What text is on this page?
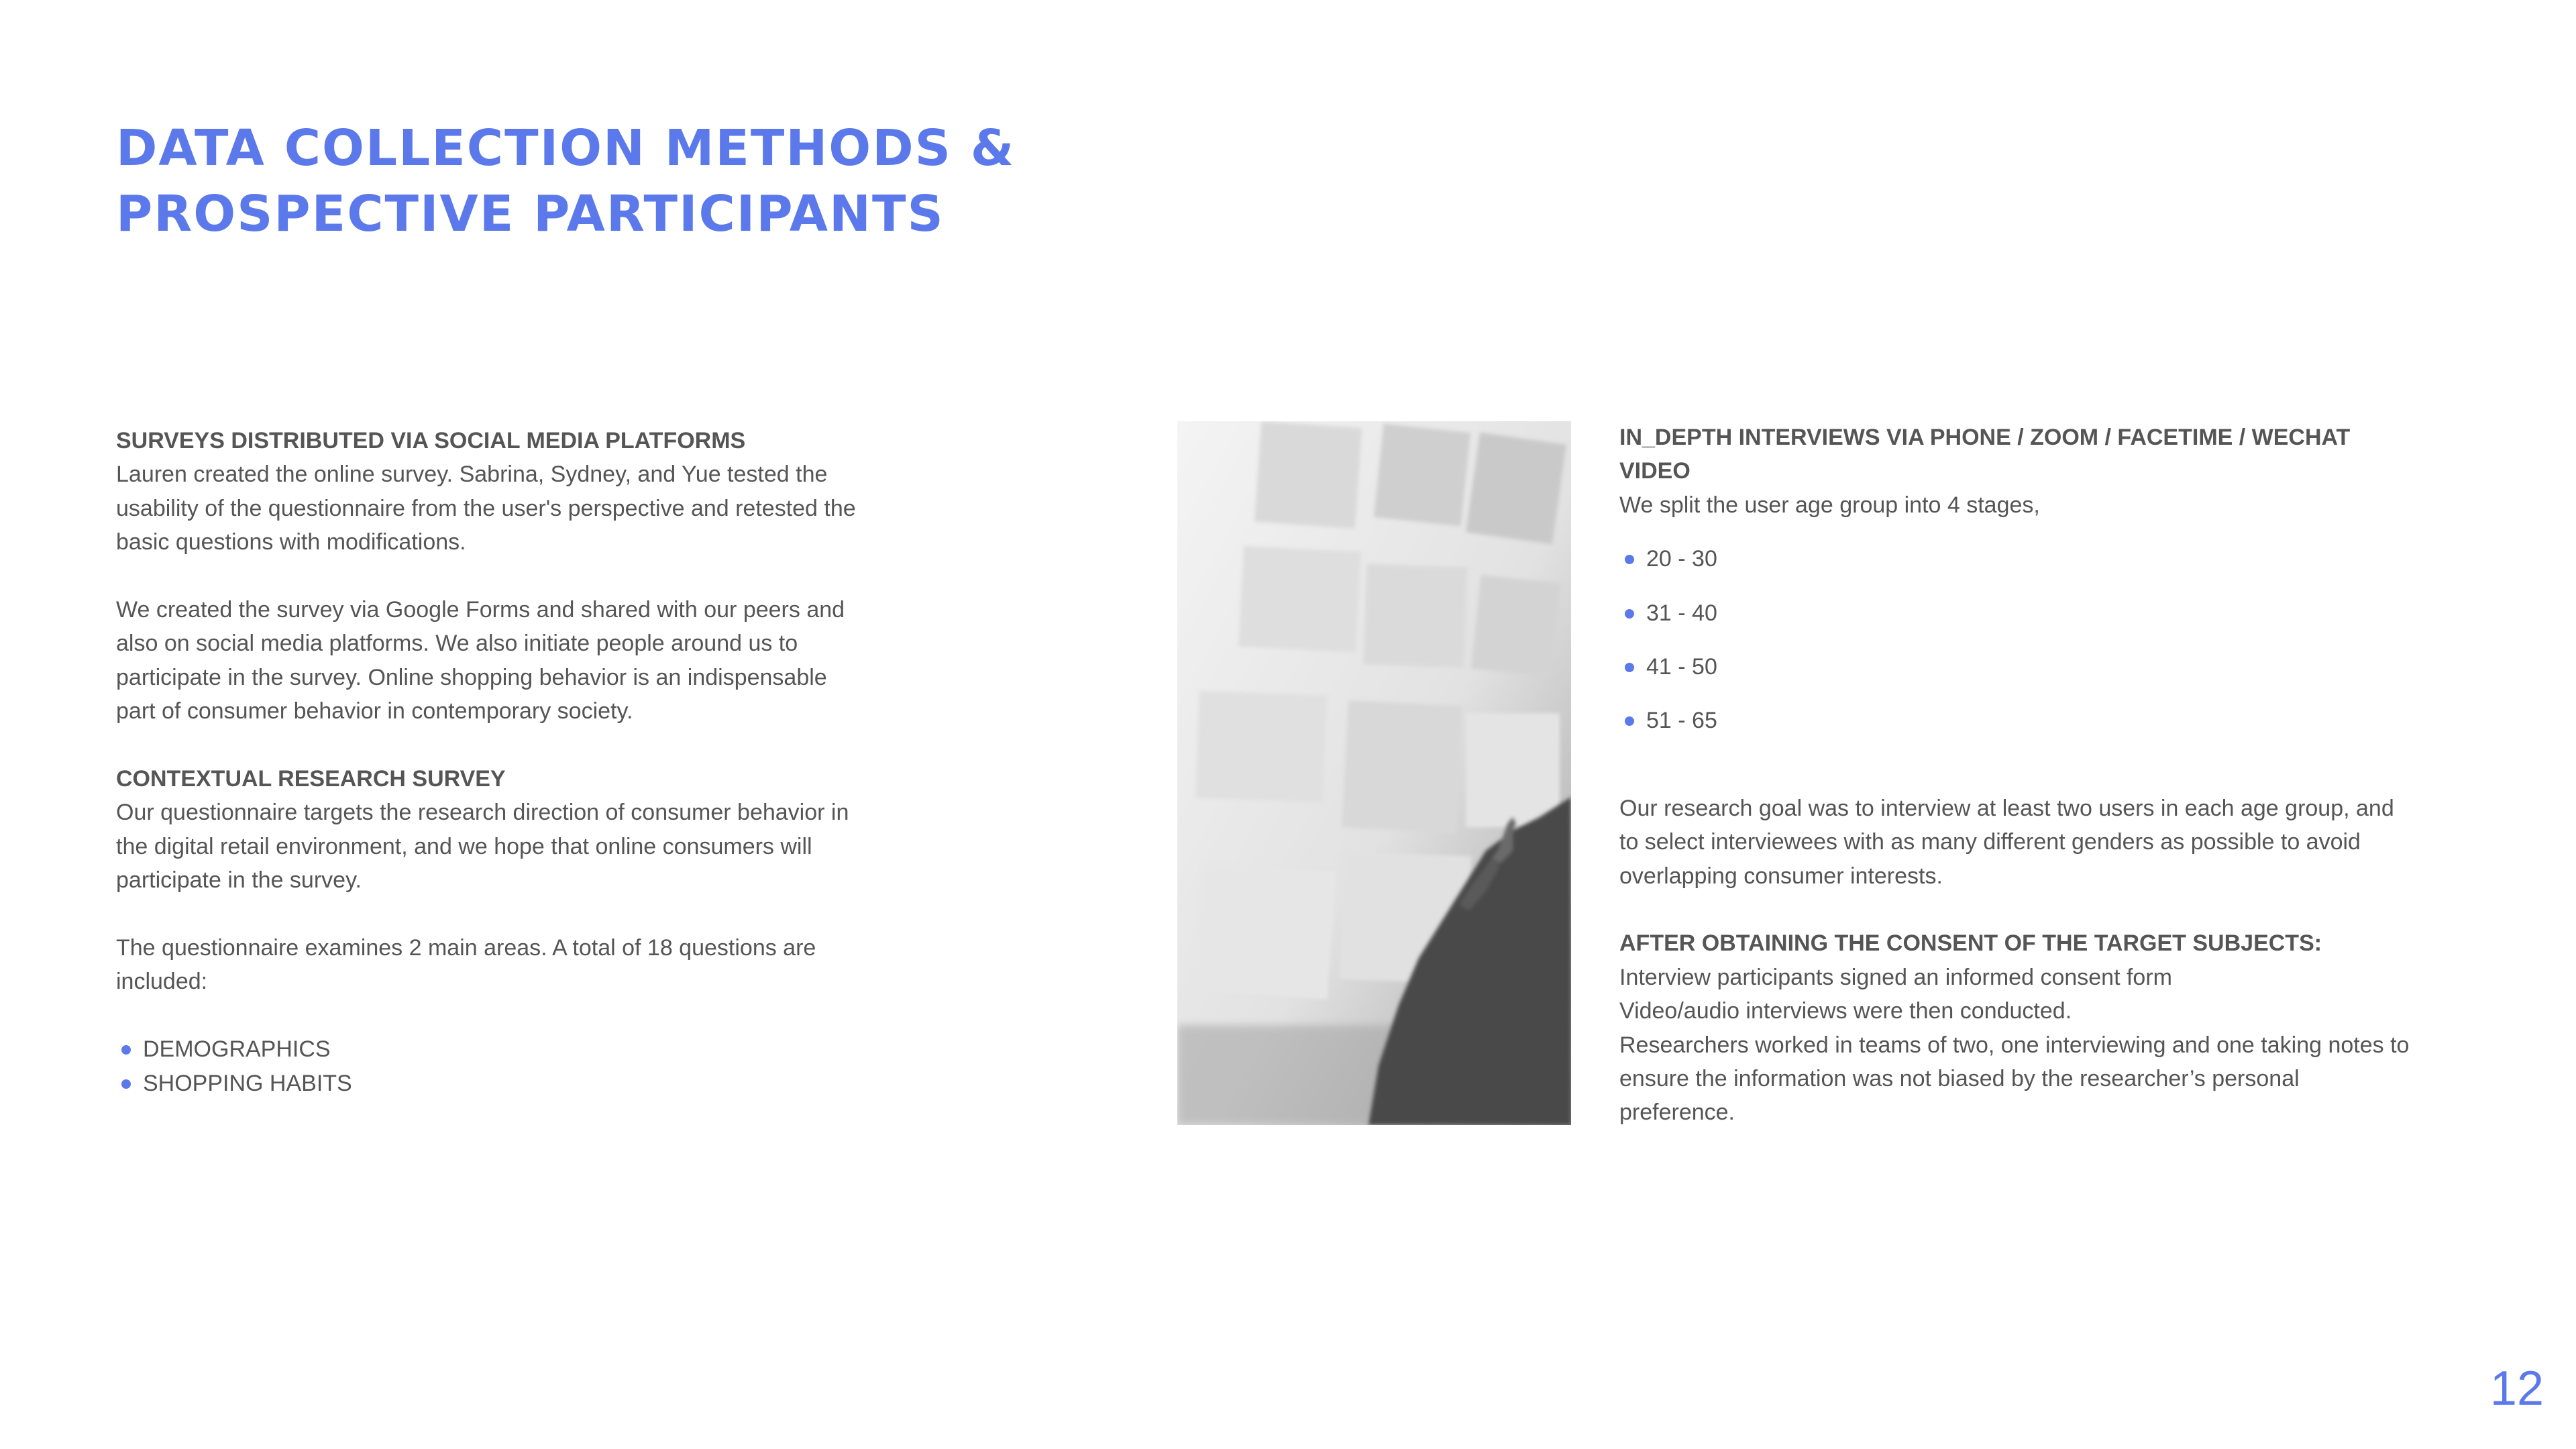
DATA COLLECTION METHODS &
PROSPECTIVE PARTICIPANTS

SURVEYS DISTRIBUTED VIA SOCIAL MEDIA PLATFORMS

Lauren created the online survey. Sabrina, Sydney, and Yue tested the usability of the questionnaire from the user's perspective and retested the basic questions with modifications.

We created the survey via Google Forms and shared with our peers and also on social media platforms. We also initiate people around us to participate in the survey. Online shopping behavior is an indispensable part of consumer behavior in contemporary society.

CONTEXTUAL RESEARCH SURVEY

Our questionnaire targets the research direction of consumer behavior in the digital retail environment, and we hope that online consumers will participate in the survey.

The questionnaire examines 2 main areas. A total of 18 questions are included:

DEMOGRAPHICS
SHOPPING HABITS

IN_DEPTH INTERVIEWS VIA PHONE / ZOOM / FACETIME / WECHAT VIDEO

We split the user age group into 4 stages,

20 - 30
31 - 40
41 - 50
51 - 65

Our research goal was to interview at least two users in each age group, and to select interviewees with as many different genders as possible to avoid overlapping consumer interests.

AFTER OBTAINING THE CONSENT OF THE TARGET SUBJECTS:

Interview participants signed an informed consent form

Video/audio interviews were then conducted.

Researchers worked in teams of two, one interviewing and one taking notes to ensure the information was not biased by the researcher’s personal preference.

12
